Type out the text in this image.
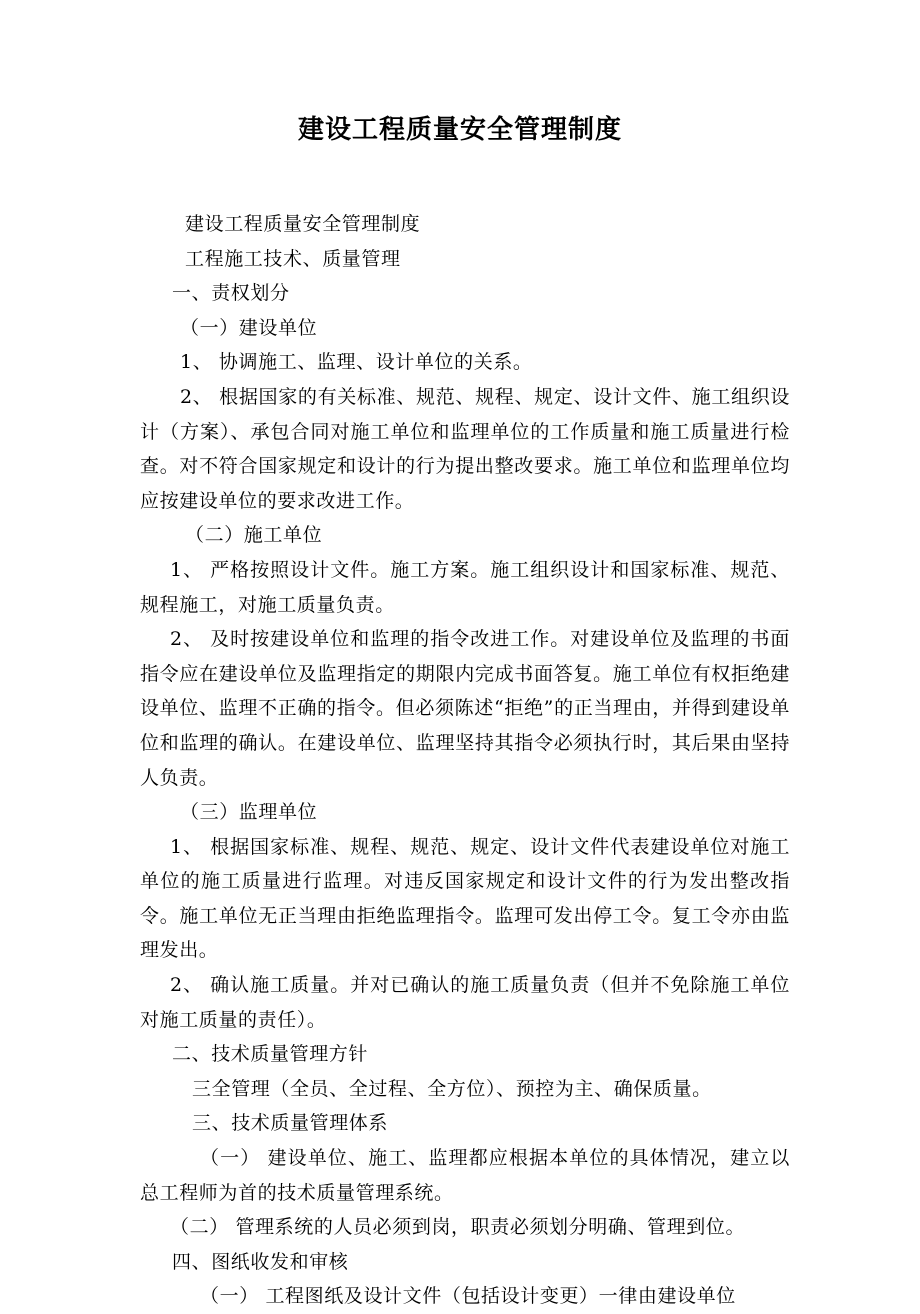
建设工程质量安全管理制度

建设工程质量安全管理制度

工程施工技术、质量管理

一、责权划分

（一）建设单位

1、 协调施工、监理、设计单位的关系。

2、 根据国家的有关标准、规范、规程、规定、设计文件、施工组织设计（方案）、承包合同对施工单位和监理单位的工作质量和施工质量进行检查。对不符合国家规定和设计的行为提出整改要求。施工单位和监理单位均应按建设单位的要求改进工作。

（二）施工单位

1、 严格按照设计文件。施工方案。施工组织设计和国家标准、规范、规程施工，对施工质量负责。

2、 及时按建设单位和监理的指令改进工作。对建设单位及监理的书面指令应在建设单位及监理指定的期限内完成书面答复。施工单位有权拒绝建设单位、监理不正确的指令。但必须陈述“拒绝”的正当理由，并得到建设单位和监理的确认。在建设单位、监理坚持其指令必须执行时，其后果由坚持人负责。

（三）监理单位

1、 根据国家标准、规程、规范、规定、设计文件代表建设单位对施工单位的施工质量进行监理。对违反国家规定和设计文件的行为发出整改指令。施工单位无正当理由拒绝监理指令。监理可发出停工令。复工令亦由监理发出。

2、 确认施工质量。并对已确认的施工质量负责（但并不免除施工单位对施工质量的责任）。

二、技术质量管理方针

三全管理（全员、全过程、全方位）、预控为主、确保质量。

三、技术质量管理体系

（一） 建设单位、施工、监理都应根据本单位的具体情况，建立以总工程师为首的技术质量管理系统。

（二） 管理系统的人员必须到岗，职责必须划分明确、管理到位。

四、图纸收发和审核

（一） 工程图纸及设计文件（包括设计变更）一律由建设单位
